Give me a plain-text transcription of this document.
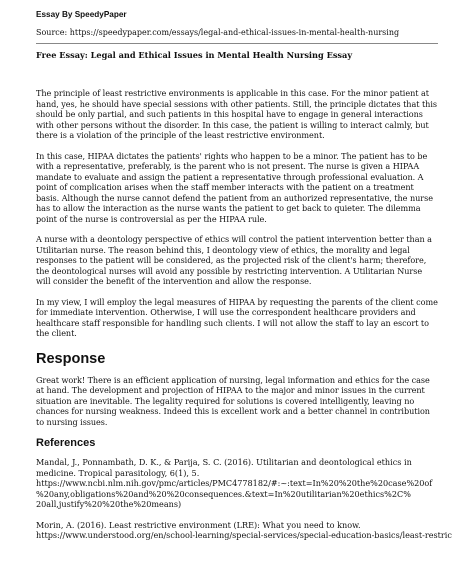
Essay By SpeedyPaper
Source: https://speedypaper.com/essays/legal-and-ethical-issues-in-mental-health-nursing
Free Essay: Legal and Ethical Issues in Mental Health Nursing Essay

The principle of least restrictive environments is applicable in this case. For the minor patient at hand, yes, he should have special sessions with other patients. Still, the principle dictates that this should be only partial, and such patients in this hospital have to engage in general interactions with other persons without the disorder. In this case, the patient is willing to interact calmly, but there is a violation of the principle of the least restrictive environment.

In this case, HIPAA dictates the patients' rights who happen to be a minor. The patient has to be with a representative, preferably, is the parent who is not present. The nurse is given a HIPAA mandate to evaluate and assign the patient a representative through professional evaluation. A point of complication arises when the staff member interacts with the patient on a treatment basis. Although the nurse cannot defend the patient from an authorized representative, the nurse has to allow the interaction as the nurse wants the patient to get back to quieter. The dilemma point of the nurse is controversial as per the HIPAA rule.

A nurse with a deontology perspective of ethics will control the patient intervention better than a Utilitarian nurse. The reason behind this, I deontology view of ethics, the morality and legal responses to the patient will be considered, as the projected risk of the client's harm; therefore, the deontological nurses will avoid any possible by restricting intervention. A Utilitarian Nurse will consider the benefit of the intervention and allow the response.

In my view, I will employ the legal measures of HIPAA by requesting the parents of the client come for immediate intervention. Otherwise, I will use the correspondent healthcare providers and healthcare staff responsible for handling such clients. I will not allow the staff to lay an escort to the client.

Response

Great work! There is an efficient application of nursing, legal information and ethics for the case at hand. The development and projection of HIPAA to the major and minor issues in the current situation are inevitable. The legality required for solutions is covered intelligently, leaving no chances for nursing weakness. Indeed this is excellent work and a better channel in contribution to nursing issues.

References
Mandal, J., Ponnambath, D. K., & Parija, S. C. (2016). Utilitarian and deontological ethics in
medicine. Tropical parasitology, 6(1), 5.
https://www.ncbi.nlm.nih.gov/pmc/articles/PMC4778182/#:~:text=In%20%20the%20case%20of
%20any,obligations%20and%20%20consequences.&text=In%20utilitarian%20ethics%2C%
20all,justify%20%20the%20means)
Morin, A. (2016). Least restrictive environment (LRE): What you need to know.
https://www.understood.org/en/school-learning/special-services/special-education-basics/least-restric
